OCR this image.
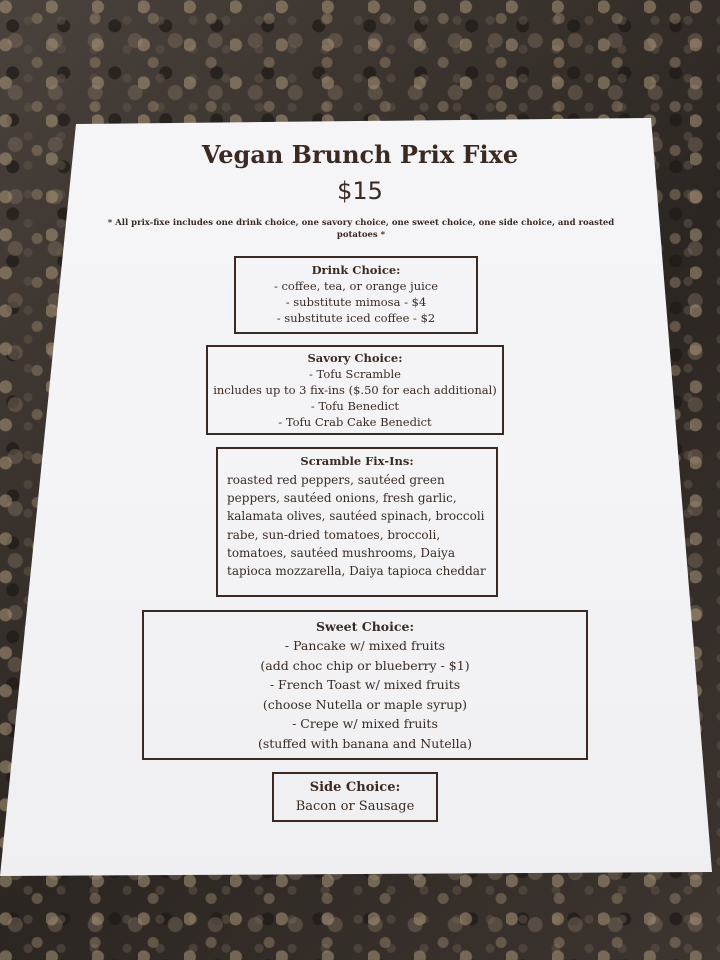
Vegan Brunch Prix Fixe
$15

* All prix-fixe includes one drink choice, one savory choice, one sweet choice, one side choice, and roasted potatoes *

Drink Choice:
- coffee, tea, or orange juice
- substitute mimosa - $4
- substitute iced coffee - $2
Savory Choice:
- Tofu Scramble
includes up to 3 fix-ins ($.50 for each additional)
- Tofu Benedict
- Tofu Crab Cake Benedict
Scramble Fix-Ins:
roasted red peppers, sautéed green peppers, sautéed onions, fresh garlic, kalamata olives, sautéed spinach, broccoli rabe, sun-dried tomatoes, broccoli, tomatoes, sautéed mushrooms, Daiya tapioca mozzarella, Daiya tapioca cheddar
Sweet Choice:
- Pancake w/ mixed fruits
(add choc chip or blueberry - $1)
- French Toast w/ mixed fruits
(choose Nutella or maple syrup)
- Crepe w/ mixed fruits
(stuffed with banana and Nutella)
Side Choice:
Bacon or Sausage
